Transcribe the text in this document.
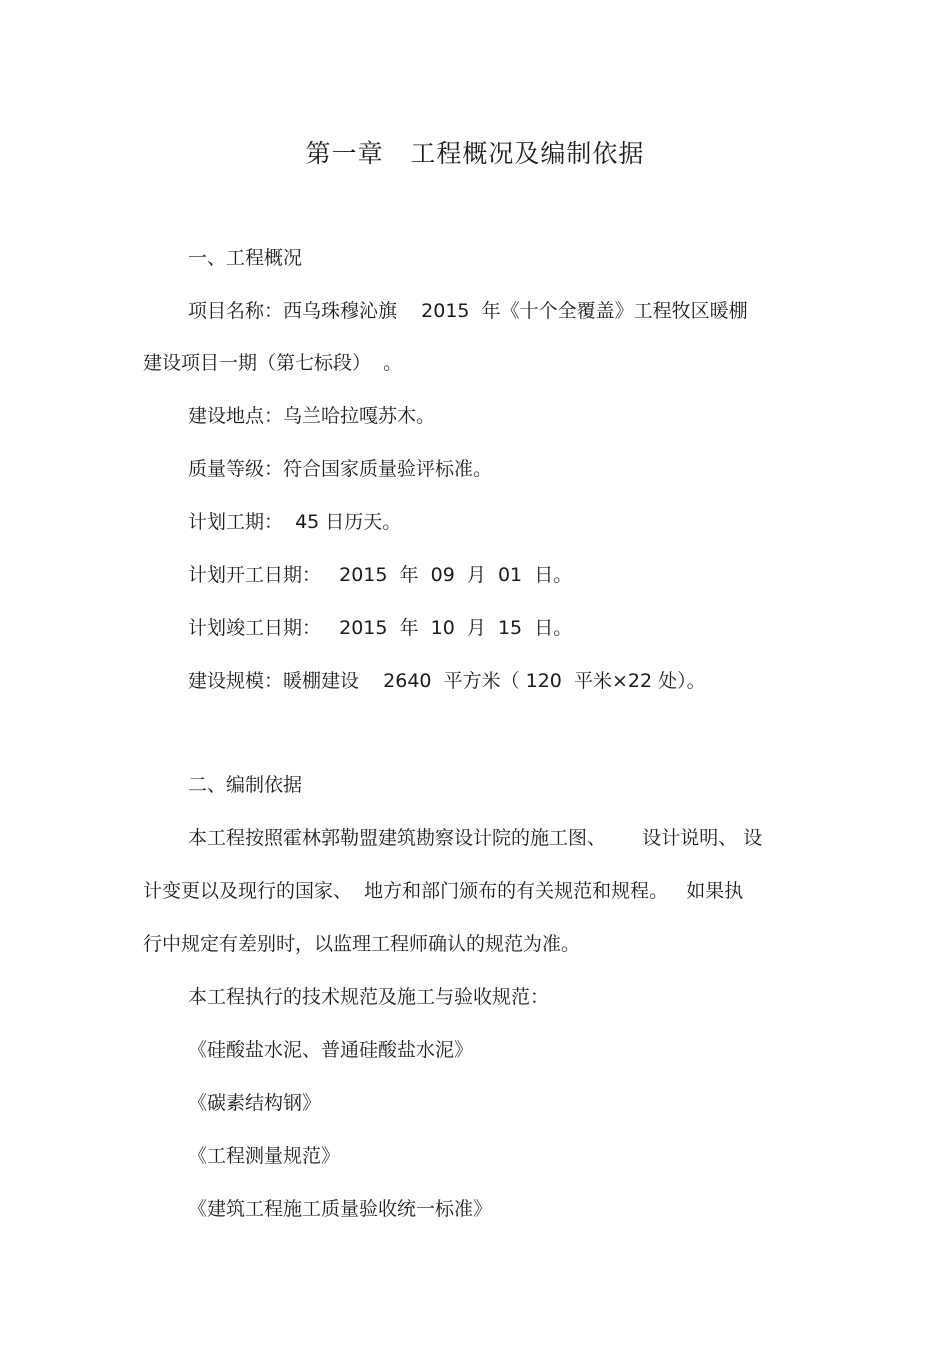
第一章   工程概况及编制依据
一、工程概况
项目名称：西乌珠穆沁旗    2015  年《十个全覆盖》工程牧区暖棚
建设项目一期（第七标段）  。
建设地点：乌兰哈拉嘎苏木。
质量等级：符合国家质量验评标准。
计划工期：  45 日历天。
计划开工日期：   2015  年  09  月  01  日。
计划竣工日期：   2015  年  10  月  15  日。
建设规模：暖棚建设    2640  平方米（ 120  平米×22 处）。
二、编制依据
本工程按照霍林郭勒盟建筑勘察设计院的施工图、      设计说明、 设
计变更以及现行的国家、  地方和部门颁布的有关规范和规程。   如果执
行中规定有差别时，以监理工程师确认的规范为准。
本工程执行的技术规范及施工与验收规范：
《硅酸盐水泥、普通硅酸盐水泥》
《碳素结构钢》
《工程测量规范》
《建筑工程施工质量验收统一标准》
